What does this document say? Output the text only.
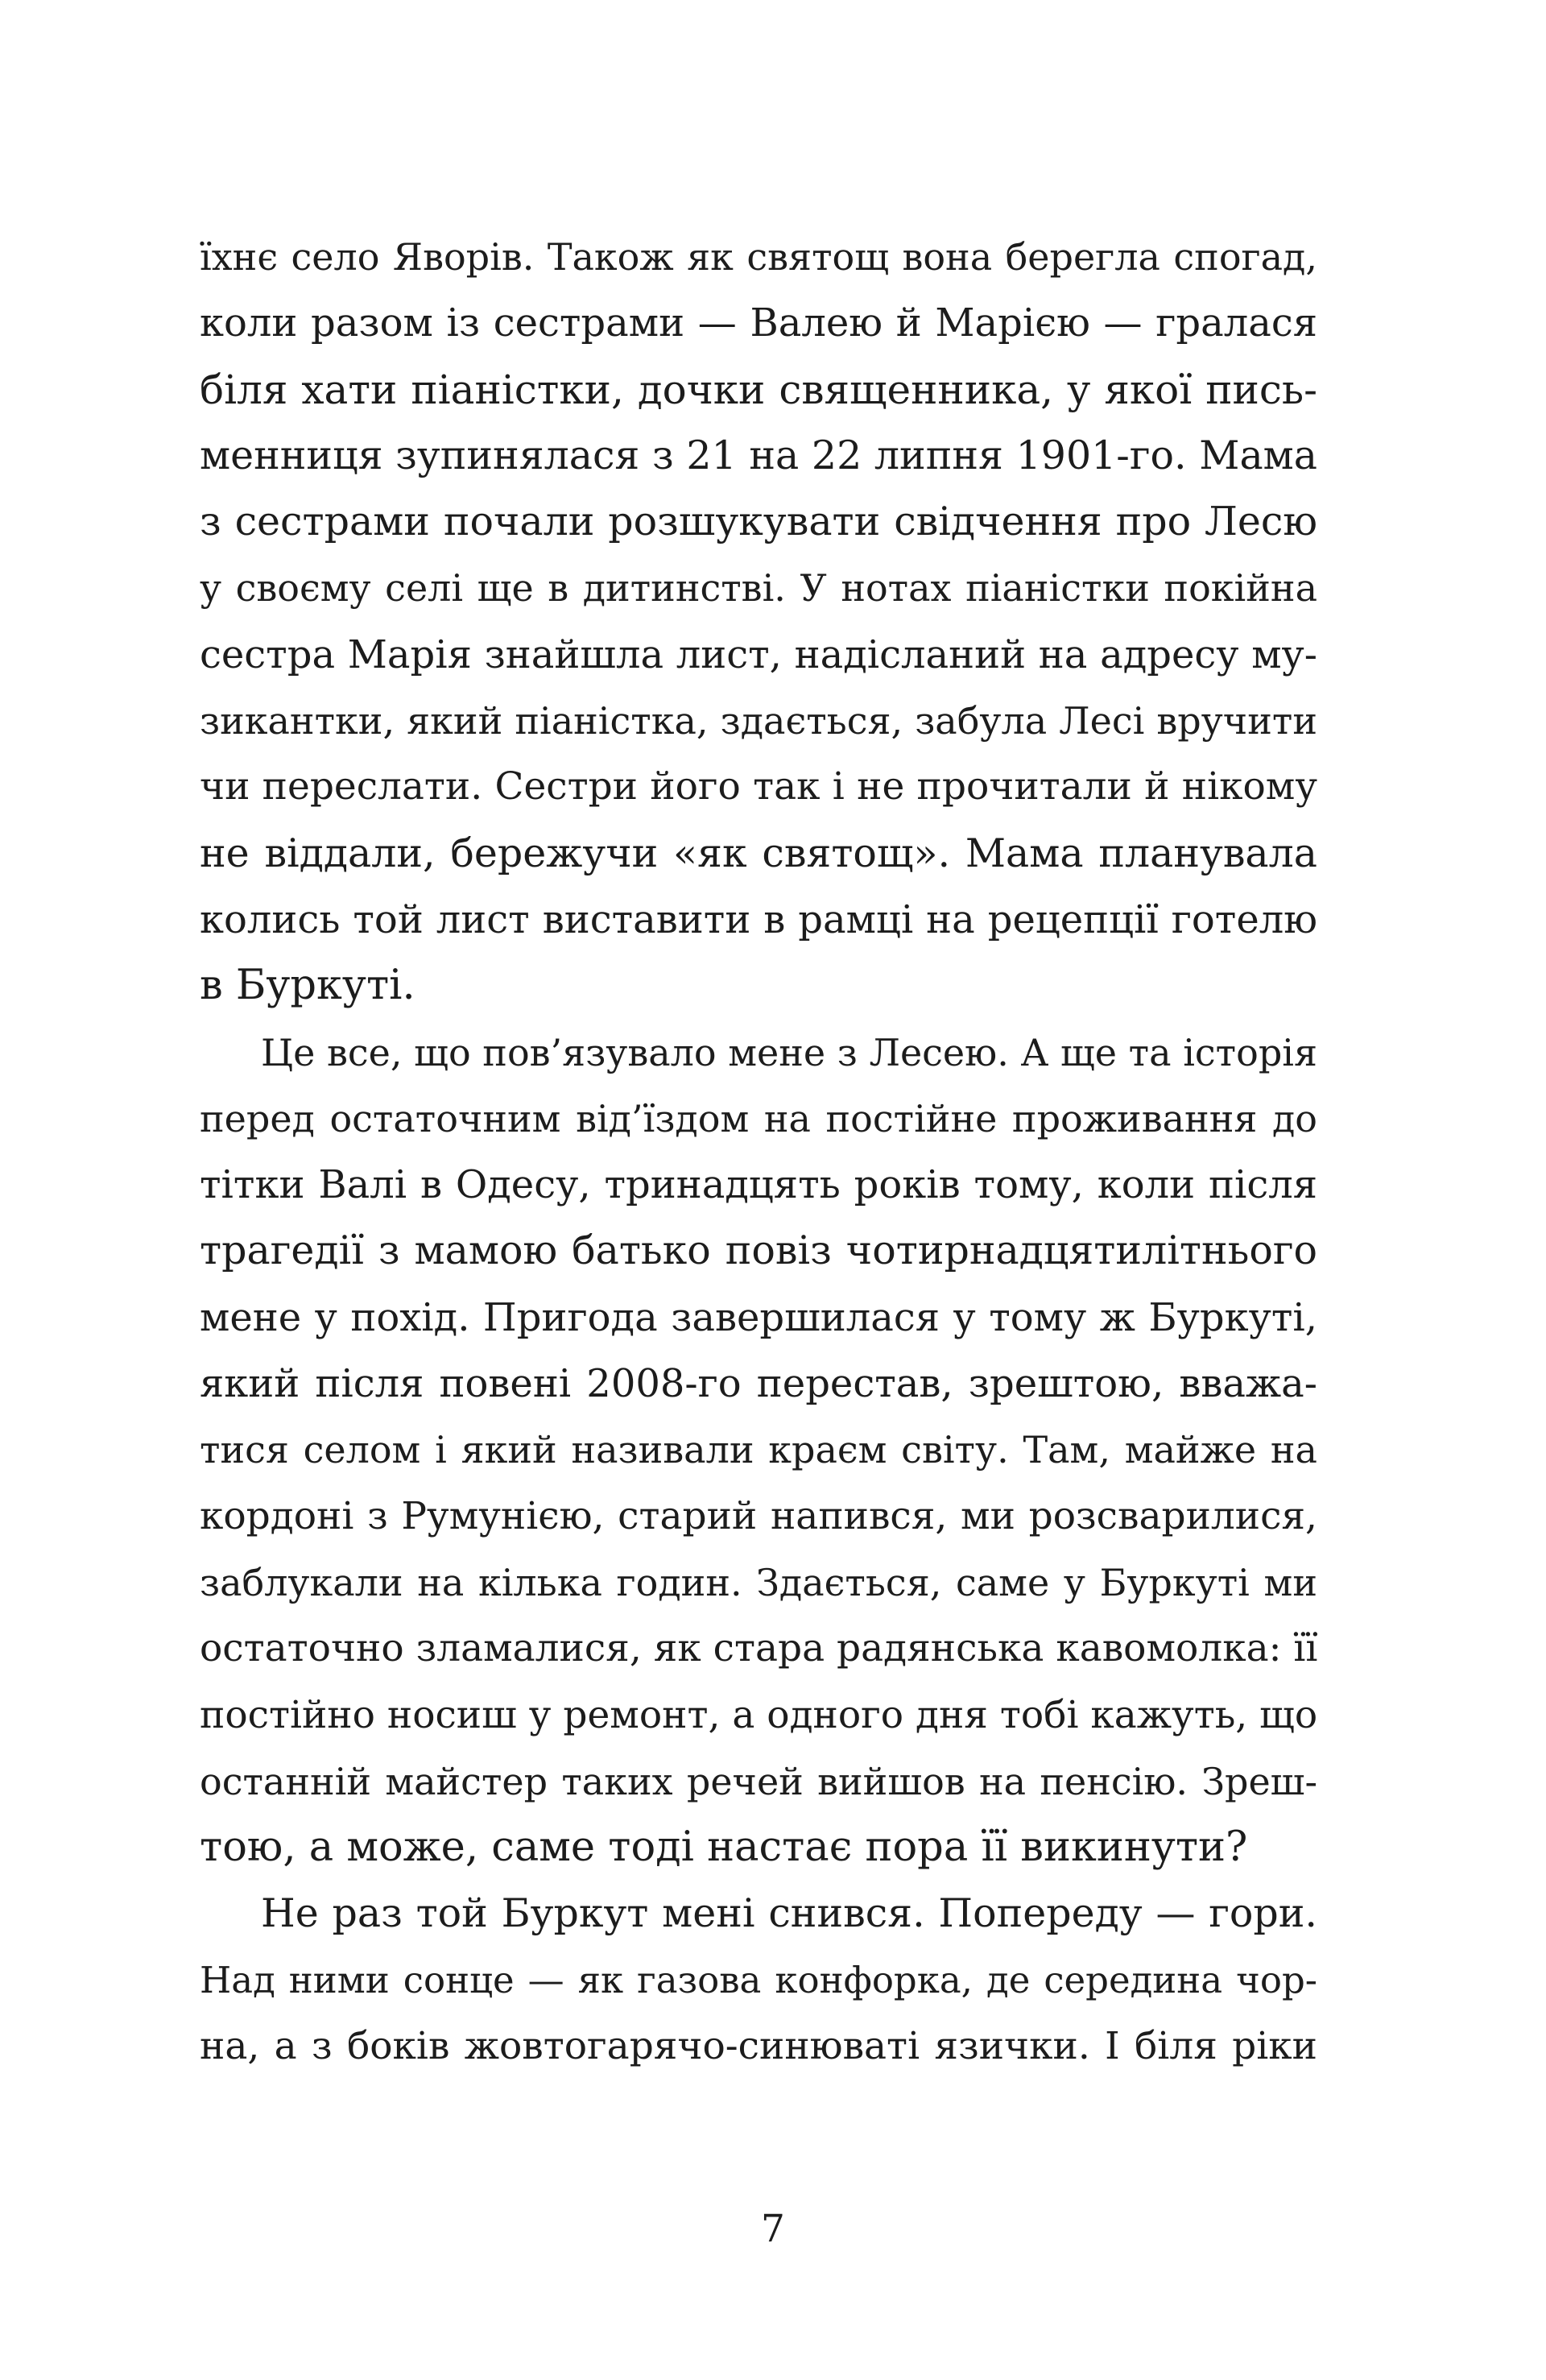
їхнє село Яворів. Також як святощ вона берегла спогад,
коли разом із сестрами — Валею й Марією — гралася
біля хати піаністки, дочки священника, у якої пись-
менниця зупинялася з 21 на 22 липня 1901-го. Мама
з сестрами почали розшукувати свідчення про Лесю
у своєму селі ще в дитинстві. У нотах піаністки покійна
сестра Марія знайшла лист, надісланий на адресу му-
зикантки, який піаністка, здається, забула Лесі вручити
чи переслати. Сестри його так і не прочитали й нікому
не віддали, бережучи «як святощ». Мама планувала
колись той лист виставити в рамці на рецепції готелю
в Буркуті.
Це все, що пов’язувало мене з Лесею. А ще та історія
перед остаточним від’їздом на постійне проживання до
тітки Валі в Одесу, тринадцять років тому, коли після
трагедії з мамою батько повіз чотирнадцятилітнього
мене у похід. Пригода завершилася у тому ж Буркуті,
який після повені 2008-го перестав, зрештою, вважа-
тися селом і який називали краєм світу. Там, майже на
кордоні з Румунією, старий напився, ми розсварилися,
заблукали на кілька годин. Здається, саме у Буркуті ми
остаточно зламалися, як стара радянська кавомолка: її
постійно носиш у ремонт, а одного дня тобі кажуть, що
останній майстер таких речей вийшов на пенсію. Зреш-
тою, а може, саме тоді настає пора її викинути?
Не раз той Буркут мені снився. Попереду — гори.
Над ними сонце — як газова конфорка, де середина чор-
на, а з боків жовтогарячо-синюваті язички. І біля ріки
7
